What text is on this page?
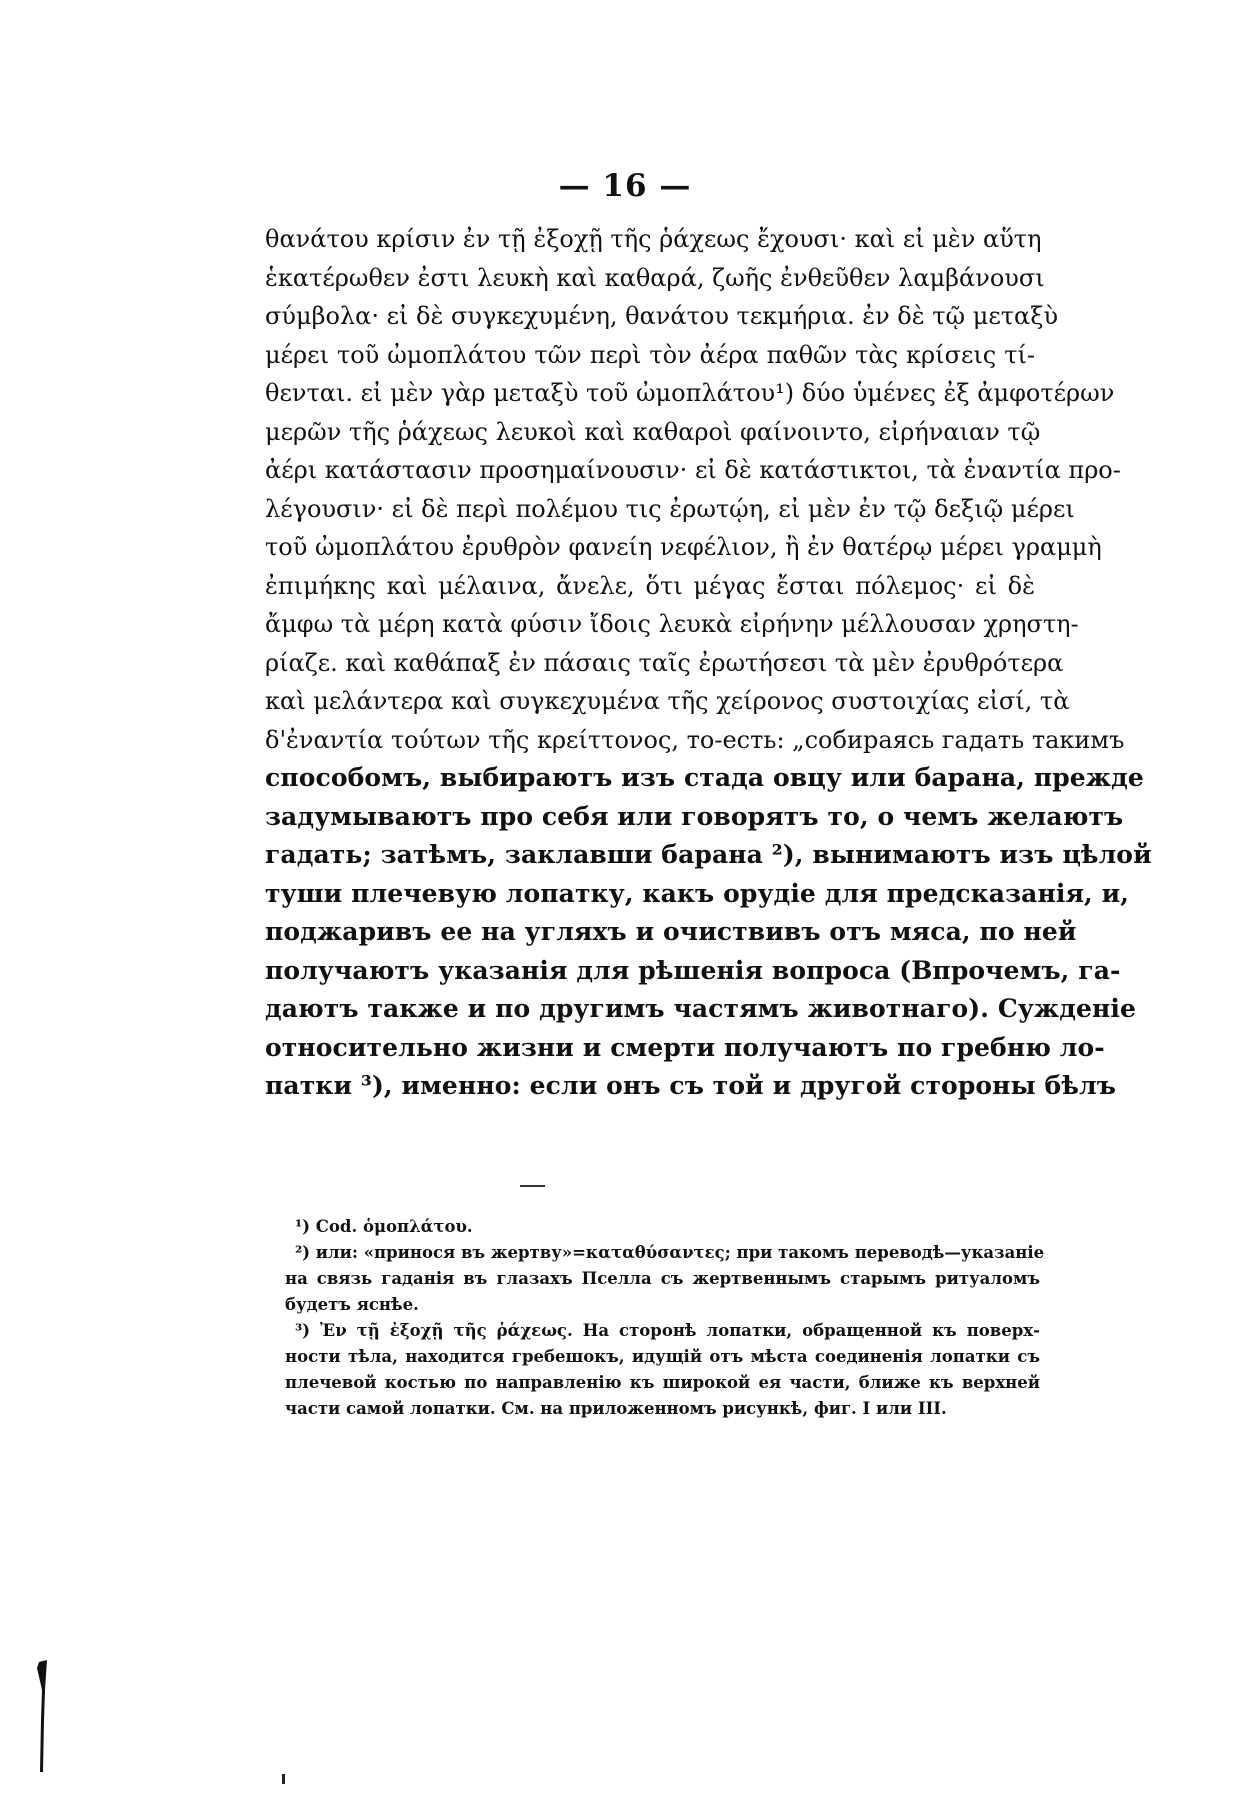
— 16 —
θανάτου κρίσιν ἐν τῇ ἐξοχῇ τῆς ῥάχεως ἔχουσι· καὶ εἰ μὲν αὕτη
ἑκατέρωθεν ἐστι λευκὴ καὶ καθαρά, ζωῆς ἐνθεῦθεν λαμβάνουσι
σύμβολα· εἰ δὲ συγκεχυμένη, θανάτου τεκμήρια. ἐν δὲ τῷ μεταξὺ
μέρει τοῦ ὠμοπλάτου τῶν περὶ τὸν ἀέρα παθῶν τὰς κρίσεις τί-
θενται. εἰ μὲν γὰρ μεταξὺ τοῦ ὠμοπλάτου¹) δύο ὑμένες ἐξ ἀμφοτέρων
μερῶν τῆς ῥάχεως λευκοὶ καὶ καθαροὶ φαίνοιντο, εἰρήναιαν τῷ
ἀέρι κατάστασιν προσημαίνουσιν· εἰ δὲ κατάστικτοι, τὰ ἐναντία προ-
λέγουσιν· εἰ δὲ περὶ πολέμου τις ἐρωτῴη, εἰ μὲν ἐν τῷ δεξιῷ μέρει
τοῦ ὠμοπλάτου ἐρυθρὸν φανείη νεφέλιον, ἢ ἐν θατέρῳ μέρει γραμμὴ
ἐπιμήκης καὶ μέλαινα, ἄνελε, ὅτι μέγας ἔσται πόλεμος· εἰ δὲ
ἄμφω τὰ μέρη κατὰ φύσιν ἴδοις λευκὰ εἰρήνην μέλλουσαν χρηστη-
ρίαζε. καὶ καθάπαξ ἐν πάσαις ταῖς ἐρωτήσεσι τὰ μὲν ἐρυθρότερα
καὶ μελάντερα καὶ συγκεχυμένα τῆς χείρονος συστοιχίας εἰσί, τὰ
δ'ἐναντία τούτων τῆς κρείττονος, то-есть: „собираясь гадать такимъ
способомъ, выбираютъ изъ стада овцу или барана, прежде
задумываютъ про себя или говорятъ то, о чемъ желаютъ
гадать; затѣмъ, заклавши барана ²), вынимаютъ изъ цѣлой
туши плечевую лопатку, какъ орудіе для предсказанія, и,
поджаривъ ее на угляхъ и очиствивъ отъ мяса, по ней
получаютъ указанія для рѣшенія вопроса (Впрочемъ, га-
даютъ также и по другимъ частямъ животнаго). Сужденіе
относительно жизни и смерти получаютъ по гребню ло-
патки ³), именно: если онъ съ той и другой стороны бѣлъ
¹) Cod. ὁμοπλάτου.
²) или: «принося въ жертву»=καταθύσαντες; при такомъ переводѣ—указаніе
на связь гаданія въ глазахъ Пселла съ жертвеннымъ старымъ ритуаломъ
будетъ яснѣе.
³) Ἐν τῇ ἐξοχῇ τῆς ῥάχεως. На сторонѣ лопатки, обращенной къ поверх-
ности тѣла, находится гребешокъ, идущій отъ мѣста соединенія лопатки съ
плечевой костью по направленію къ широкой ея части, ближе къ верхней
части самой лопатки. См. на приложенномъ рисункѣ, фиг. I или III.
